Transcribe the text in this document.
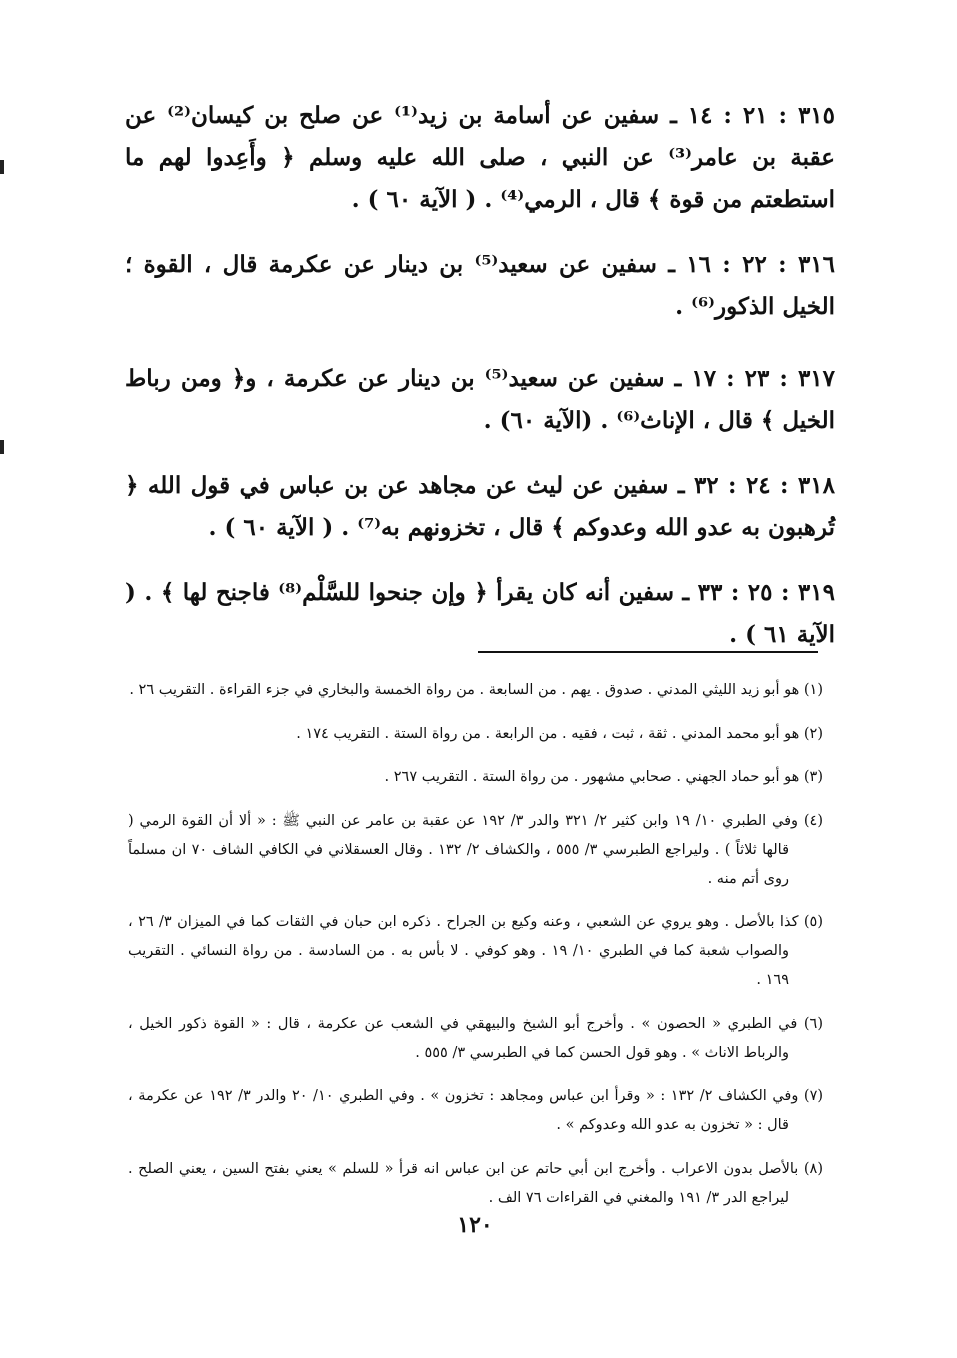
٣١٥ : ٢١ : ١٤ ـ سفين عن أسامة بن زيد⁽¹⁾ عن صلح بن كيسان⁽²⁾ عن عقبة بن عامر⁽³⁾ عن النبي ، صلى الله عليه وسلم ﴿ وأَعِدوا لهم ما استطعتم من قوة ﴾ قال ، الرمي⁽⁴⁾ . ( الآية ٦٠ ) .

٣١٦ : ٢٢ : ١٦ ـ سفين عن سعيد⁽⁵⁾ بن دينار عن عكرمة قال ، القوة ؛ الخيل الذكور⁽⁶⁾ .

٣١٧ : ٢٣ : ١٧ ـ سفين عن سعيد⁽⁵⁾ بن دينار عن عكرمة ، و﴿ ومن رباط الخيل ﴾ قال ، الإناث⁽⁶⁾ . (الآية ٦٠) .

٣١٨ : ٢٤ : ٣٢ ـ سفين عن ليث عن مجاهد عن بن عباس في قول الله ﴿ تُرهبون به عدو الله وعدوكم ﴾ قال ، تخزونهم به⁽⁷⁾ . ( الآية ٦٠ ) .

٣١٩ : ٢٥ : ٣٣ ـ سفين أنه كان يقرأ ﴿ وإن جنحوا للسَّلْم⁽⁸⁾ فاجنح لها ﴾ . ( الآية ٦١ ) .

(١) هو أبو زيد الليثي المدني . صدوق . يهم . من السابعة . من رواة الخمسة والبخاري في جزء القراءة . التقريب ٢٦ .

(٢) هو أبو محمد المدني . ثقة ، ثبت ، فقيه . من الرابعة . من رواة الستة . التقريب ١٧٤ .

(٣) هو أبو حماد الجهني . صحابي مشهور . من رواة الستة . التقريب ٢٦٧ .

(٤) وفي الطبري ١٠/ ١٩ وابن كثير ٢/ ٣٢١ والدر ٣/ ١٩٢ عن عقبة بن عامر عن النبي ﷺ : « ألا أن القوة الرمي ( قالها ثلاثاً ) . وليراجع الطبرسي ٣/ ٥٥٥ ، والكشاف ٢/ ١٣٢ . وقال العسقلاني في الكافي الشاف ٧٠ ان مسلماً روى أتم منه .

(٥) كذا بالأصل . وهو يروي عن الشعبي ، وعنه وكيع بن الجراح . ذكره ابن حبان في الثقات كما في الميزان ٣/ ٢٦ ، والصواب شعبة كما في الطبري ١٠/ ١٩ . وهو كوفي . لا بأس به . من السادسة . من رواة النسائي . التقريب ١٦٩ .

(٦) في الطبري « الحصون » . وأخرج أبو الشيخ والبيهقي في الشعب عن عكرمة ، قال : « القوة ذكور الخيل ، والرباط الاناث » . وهو قول الحسن كما في الطبرسي ٣/ ٥٥٥ .

(٧) وفي الكشاف ٢/ ١٣٢ : « وقرأ ابن عباس ومجاهد : تخزون » . وفي الطبري ١٠/ ٢٠ والدر ٣/ ١٩٢ عن عكرمة ، قال : « تخزون به عدو الله وعدوكم » .

(٨) بالأصل بدون الاعراب . وأخرج ابن أبي حاتم عن ابن عباس انه قرأ « للسلم » يعني بفتح السين ، يعني الصلح . ليراجع الدر ٣/ ١٩١ والمغني في القراءات ٧٦ الف .

١٢٠
